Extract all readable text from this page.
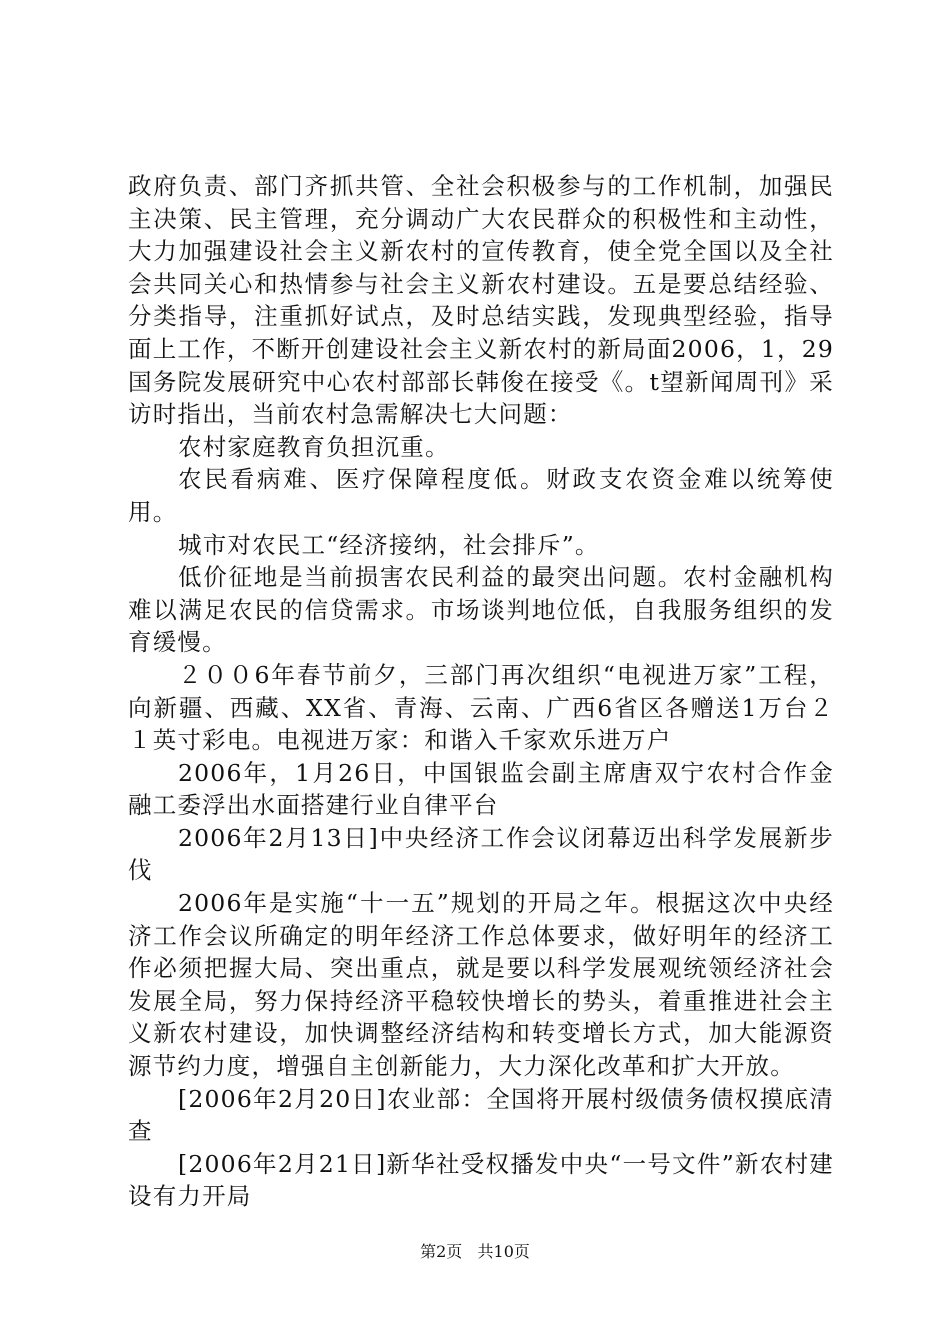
政府负责、部门齐抓共管、全社会积极参与的工作机制，加强民主决策、民主管理，充分调动广大农民群众的积极性和主动性，大力加强建设社会主义新农村的宣传教育，使全党全国以及全社会共同关心和热情参与社会主义新农村建设。五是要总结经验、分类指导，注重抓好试点，及时总结实践，发现典型经验，指导面上工作，不断开创建设社会主义新农村的新局面2006，1，29国务院发展研究中心农村部部长韩俊在接受《。t望新闻周刊》采访时指出，当前农村急需解决七大问题：

农村家庭教育负担沉重。

农民看病难、医疗保障程度低。财政支农资金难以统筹使用。

城市对农民工“经济接纳，社会排斥”。

低价征地是当前损害农民利益的最突出问题。农村金融机构难以满足农民的信贷需求。市场谈判地位低，自我服务组织的发育缓慢。

２００6年春节前夕，三部门再次组织“电视进万家”工程，向新疆、西藏、XX省、青海、云南、广西6省区各赠送1万台２１英寸彩电。电视进万家：和谐入千家欢乐进万户

2006年，1月26日，中国银监会副主席唐双宁农村合作金融工委浮出水面搭建行业自律平台

2006年2月13日]中央经济工作会议闭幕迈出科学发展新步伐

2006年是实施“十一五”规划的开局之年。根据这次中央经济工作会议所确定的明年经济工作总体要求，做好明年的经济工作必须把握大局、突出重点，就是要以科学发展观统领经济社会发展全局，努力保持经济平稳较快增长的势头，着重推进社会主义新农村建设，加快调整经济结构和转变增长方式，加大能源资源节约力度，增强自主创新能力，大力深化改革和扩大开放。

[2006年2月20日]农业部：全国将开展村级债务债权摸底清查

[2006年2月21日]新华社受权播发中央“一号文件”新农村建设有力开局

第2页 共10页
